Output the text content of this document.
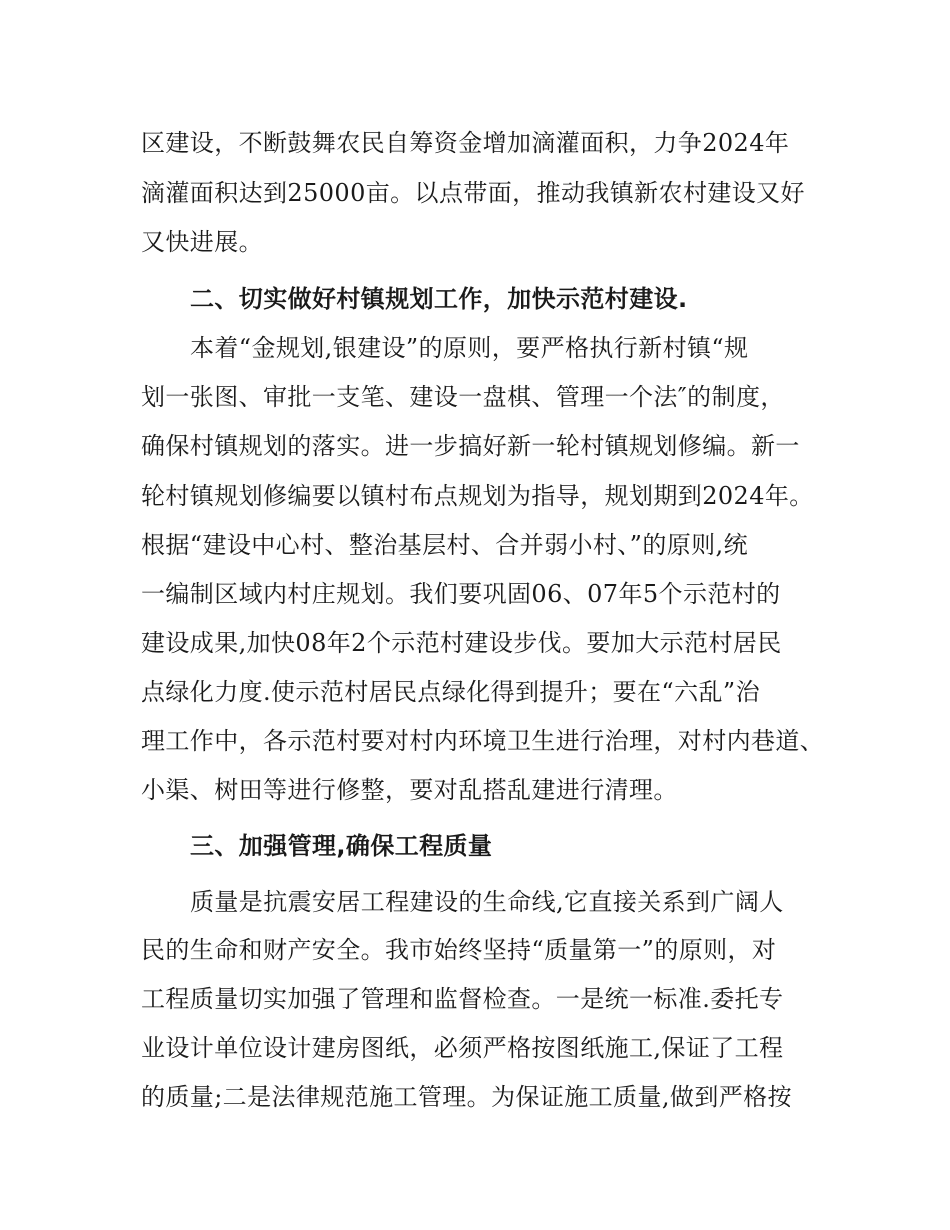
区建设，不断鼓舞农民自筹资金增加滴灌面积，力争2024年
滴灌面积达到25000亩。以点带面，推动我镇新农村建设又好
又快进展。
二、切实做好村镇规划工作，加快示范村建设.
本着“金规划,银建设”的原则，要严格执行新村镇“规
划一张图、审批一支笔、建设一盘棋、管理一个法″的制度，
确保村镇规划的落实。进一步搞好新一轮村镇规划修编。新一
轮村镇规划修编要以镇村布点规划为指导，规划期到2024年。
根据“建设中心村、整治基层村、合并弱小村、”的原则,统
一编制区域内村庄规划。我们要巩固06、07年5个示范村的
建设成果,加快08年2个示范村建设步伐。要加大示范村居民
点绿化力度.使示范村居民点绿化得到提升；要在“六乱”治
理工作中，各示范村要对村内环境卫生进行治理，对村内巷道、
小渠、树田等进行修整，要对乱搭乱建进行清理。
三、加强管理,确保工程质量
质量是抗震安居工程建设的生命线,它直接关系到广阔人
民的生命和财产安全。我市始终坚持“质量第一”的原则，对
工程质量切实加强了管理和监督检查。一是统一标准.委托专
业设计单位设计建房图纸，必须严格按图纸施工,保证了工程
的质量;二是法律规范施工管理。为保证施工质量,做到严格按
